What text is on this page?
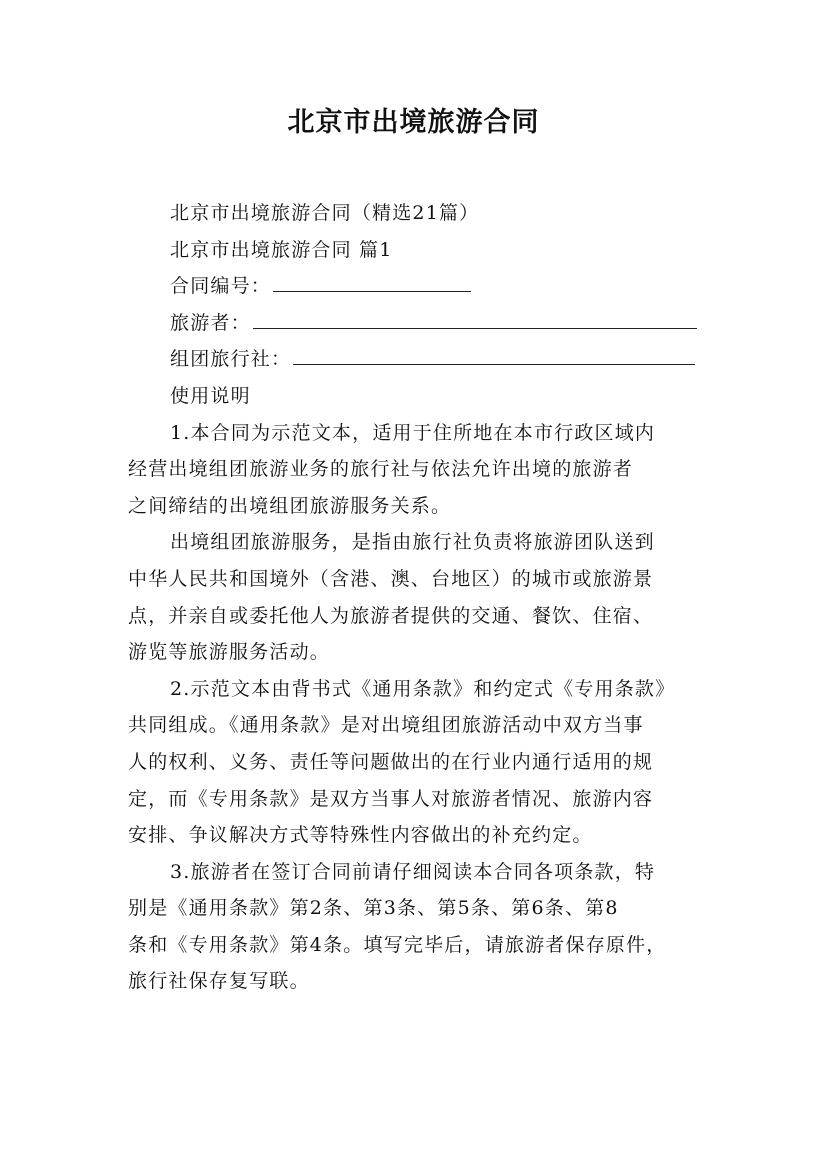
北京市出境旅游合同
北京市出境旅游合同（精选21篇）
北京市出境旅游合同 篇1
合同编号：
旅游者：
组团旅行社：
使用说明
1.本合同为示范文本，适用于住所地在本市行政区域内
经营出境组团旅游业务的旅行社与依法允许出境的旅游者
之间缔结的出境组团旅游服务关系。
出境组团旅游服务，是指由旅行社负责将旅游团队送到
中华人民共和国境外（含港、澳、台地区）的城市或旅游景
点，并亲自或委托他人为旅游者提供的交通、餐饮、住宿、
游览等旅游服务活动。
2.示范文本由背书式《通用条款》和约定式《专用条款》
共同组成。《通用条款》是对出境组团旅游活动中双方当事
人的权利、义务、责任等问题做出的在行业内通行适用的规
定，而《专用条款》是双方当事人对旅游者情况、旅游内容
安排、争议解决方式等特殊性内容做出的补充约定。
3.旅游者在签订合同前请仔细阅读本合同各项条款，特
别是《通用条款》第2条、第3条、第5条、第6条、第8
条和《专用条款》第4条。填写完毕后，请旅游者保存原件，
旅行社保存复写联。
